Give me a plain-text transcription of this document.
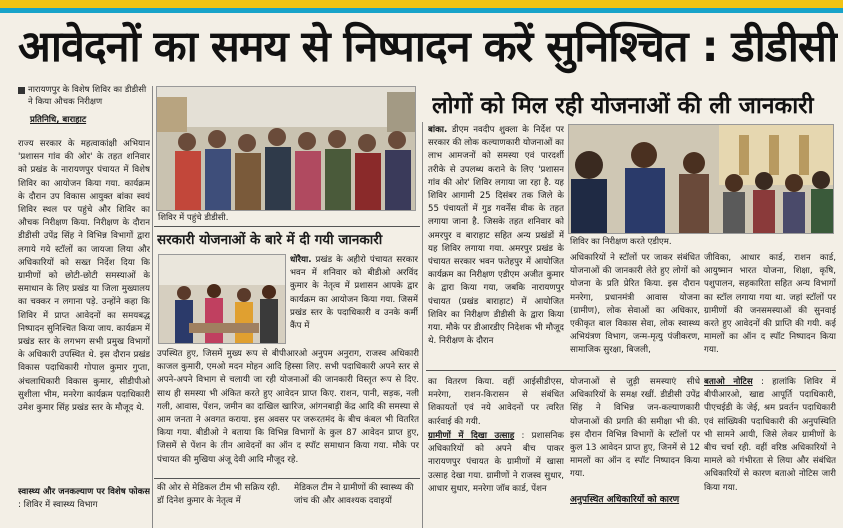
आवेदनों का समय से निष्पादन करें सुनिश्चित : डीडीसी
नारायणपुर के विशेष शिविर का डीडीसी ने किया औचक निरीक्षण
प्रतिनिधि, बाराहाट
राज्य सरकार के महत्वाकांक्षी अभियान 'प्रशासन गांव की ओर' के तहत शनिवार को प्रखंड के नारायणपुर पंचायत में विशेष शिविर का आयोजन किया गया. कार्यक्रम के दौरान उप विकास आयुक्त बांका स्वयं शिविर स्थल पर पहुंचे और शिविर का औचक निरीक्षण किया. निरीक्षण के दौरान डीडीसी उपेंद्र सिंह ने विभिन्न विभागों द्वारा लगाये गये स्टॉलों का जायजा लिया और अधिकारियों को सख्त निर्देश दिया कि ग्रामीणों को छोटी-छोटी समस्याओं के समाधान के लिए प्रखंड या जिला मुख्यालय का चक्कर न लगाना पड़े. उन्होंने कहा कि शिविर में प्राप्त आवेदनों का समयबद्ध निष्पादन सुनिश्चित किया जाय. कार्यक्रम में प्रखंड स्तर के लगभग सभी प्रमुख विभागों के अधिकारी उपस्थित थे. इस दौरान प्रखंड विकास पदाधिकारी गोपाल कुमार गुप्ता, अंचलाधिकारी विकास कुमार, सीडीपीओ सुशीला भीम, मनरेगा कार्यक्रम पदाधिकारी उमेश कुमार सिंह प्रखंड स्तर के मौजूद थे.
स्वास्थ्य और जनकल्याण पर विशेष फोकस : शिविर में स्वास्थ्य विभाग
शिविर में पहुंचे डीडीसी.
सरकारी योजनाओं के बारे में दी गयी जानकारी
धोरैया. प्रखंड के अहीरो पंचायत सरकार भवन में शनिवार को बीडीओ अरविंद कुमार के नेतृत्व में प्रशासन आपके द्वार कार्यक्रम का आयोजन किया गया. जिसमें प्रखंड स्तर के पदाधिकारी व उनके कर्मी कैंप में
उपस्थित हुए, जिसमें मुख्य रूप से बीपीआरओ अनुपम अनुराग, राजस्व अधिकारी काजल कुमारी, एमओ मदन मोहन आदि हिस्सा लिए. सभी पदाधिकारी अपने स्तर से अपने-अपने विभाग से चलायी जा रही योजनाओं की जानकारी विस्तृत रूप से दिए. साथ ही समस्या भी अंकित करते हुए आवेदन प्राप्त किए. राशन, पानी, सड़क, नली गली, आवास, पेंशन, जमीन का दाखिल खारिज, आंगनबाड़ी केंद्र आदि की समस्या से आम जनता ने अवगत कराया. इस अवसर पर जरूरतमंद के बीच कंबल भी वितरित किया गया. बीडीओ ने बताया कि विभिन्न विभागों के कुल 87 आवेदन प्राप्त हुए, जिसमें से पेंशन के तीन आवेदनों का ऑन द स्पॉट समाधान किया गया. मौके पर पंचायत की मुखिया अंजू देवी आदि मौजूद रहे.
की ओर से मेडिकल टीम भी सक्रिय रही. डॉ दिनेश कुमार के नेतृत्व में
मेडिकल टीम ने ग्रामीणों की स्वास्थ्य की जांच की और आवश्यक दवाइयों
लोगों को मिल रही योजनाओं की ली जानकारी
बांका. डीएम नवदीप शुक्ला के निर्देश पर सरकार की लोक कल्याणकारी योजनाओं का लाभ आमजनों को समस्या एवं पारदर्शी तरीके से उपलब्ध कराने के लिए 'प्रशासन गांव की ओर' शिविर लगाया जा रहा है. यह शिविर आगामी 25 दिसंबर तक जिले के 55 पंचायतों में गुड गवर्नेंस वीक के तहत लगाया जाना है. जिसके तहत शनिवार को अमरपुर व बाराहाट सहित अन्य प्रखंडों में यह शिविर लगाया गया. अमरपुर प्रखंड के पंचायत सरकार भवन फतेहपुर में आयोजित कार्यक्रम का निरीक्षण एडीएम अजीत कुमार के द्वारा किया गया, जबकि नारायणपुर पंचायत (प्रखंड बाराहाट) में आयोजित शिविर का निरीक्षण डीडीसी के द्वारा किया गया. मौके पर डीआरडीए निदेशक भी मौजूद थे. निरीक्षण के दौरान
शिविर का निरीक्षण करते एडीएम.
अधिकारियों ने स्टॉलों पर जाकर संबंधित योजनाओं की जानकारी लेते हुए लोगों को योजना के प्रति प्रेरित किया. इस दौरान मनरेगा, प्रधानमंत्री आवास योजना (ग्रामीण), लोक सेवाओं का अधिकार, एकीकृत बाल विकास सेवा, लोक स्वास्थ्य अभियंत्रण विभाग, जन्म-मृत्यु पंजीकरण, सामाजिक सुरक्षा, बिजली,
जीविका, आधार कार्ड, राशन कार्ड, आयुष्मान भारत योजना, शिक्षा, कृषि, पशुपालन, सहकारिता सहित अन्य विभागों का स्टॉल लगाया गया था. जहां स्टॉलों पर ग्रामीणों की जनसमस्याओं की सुनवाई करते हुए आवेदनों की प्राप्ति की गयी. कई मामलों का ऑन द स्पॉट निष्पादन किया गया.
का वितरण किया. वहीं आईसीडीएस, मनरेगा, राशन-किरासन से संबंधित शिकायतों एवं नये आवेदनों पर त्वरित कार्रवाई की गयी.
ग्रामीणों में दिखा उत्साह : प्रशासनिक अधिकारियों को अपने बीच पाकर नारायणपुर पंचायत के ग्रामीणों में खासा उत्साह देखा गया. ग्रामीणों ने राजस्व सुधार, आधार सुधार, मनरेगा जॉब कार्ड, पेंशन
योजनाओं से जुड़ी समस्याएं सीधे अधिकारियों के समक्ष रखीं. डीडीसी उपेंद्र सिंह ने विभिन्न जन-कल्याणकारी योजनाओं की प्रगति की समीक्षा भी की. इस दौरान विभिन्न विभागों के स्टॉलों पर कुल 13 आवेदन प्राप्त हुए, जिनमें से 12 मामलों का ऑन द स्पॉट निष्पादन किया गया.
अनुपस्थित अधिकारियों को कारण
बताओ नोटिस : हालांकि शिविर में बीपीआरओ, खाद्य आपूर्ति पदाधिकारी, पीएचईडी के जेई, श्रम प्रवर्तन पदाधिकारी एवं सांख्यिकी पदाधिकारी की अनुपस्थिति भी सामने आयी, जिसे लेकर ग्रामीणों के बीच चर्चा रही. वहीं वरिष्ठ अधिकारियों ने मामले को गंभीरता से लिया और संबंधित अधिकारियों से कारण बताओ नोटिस जारी किया गया.
